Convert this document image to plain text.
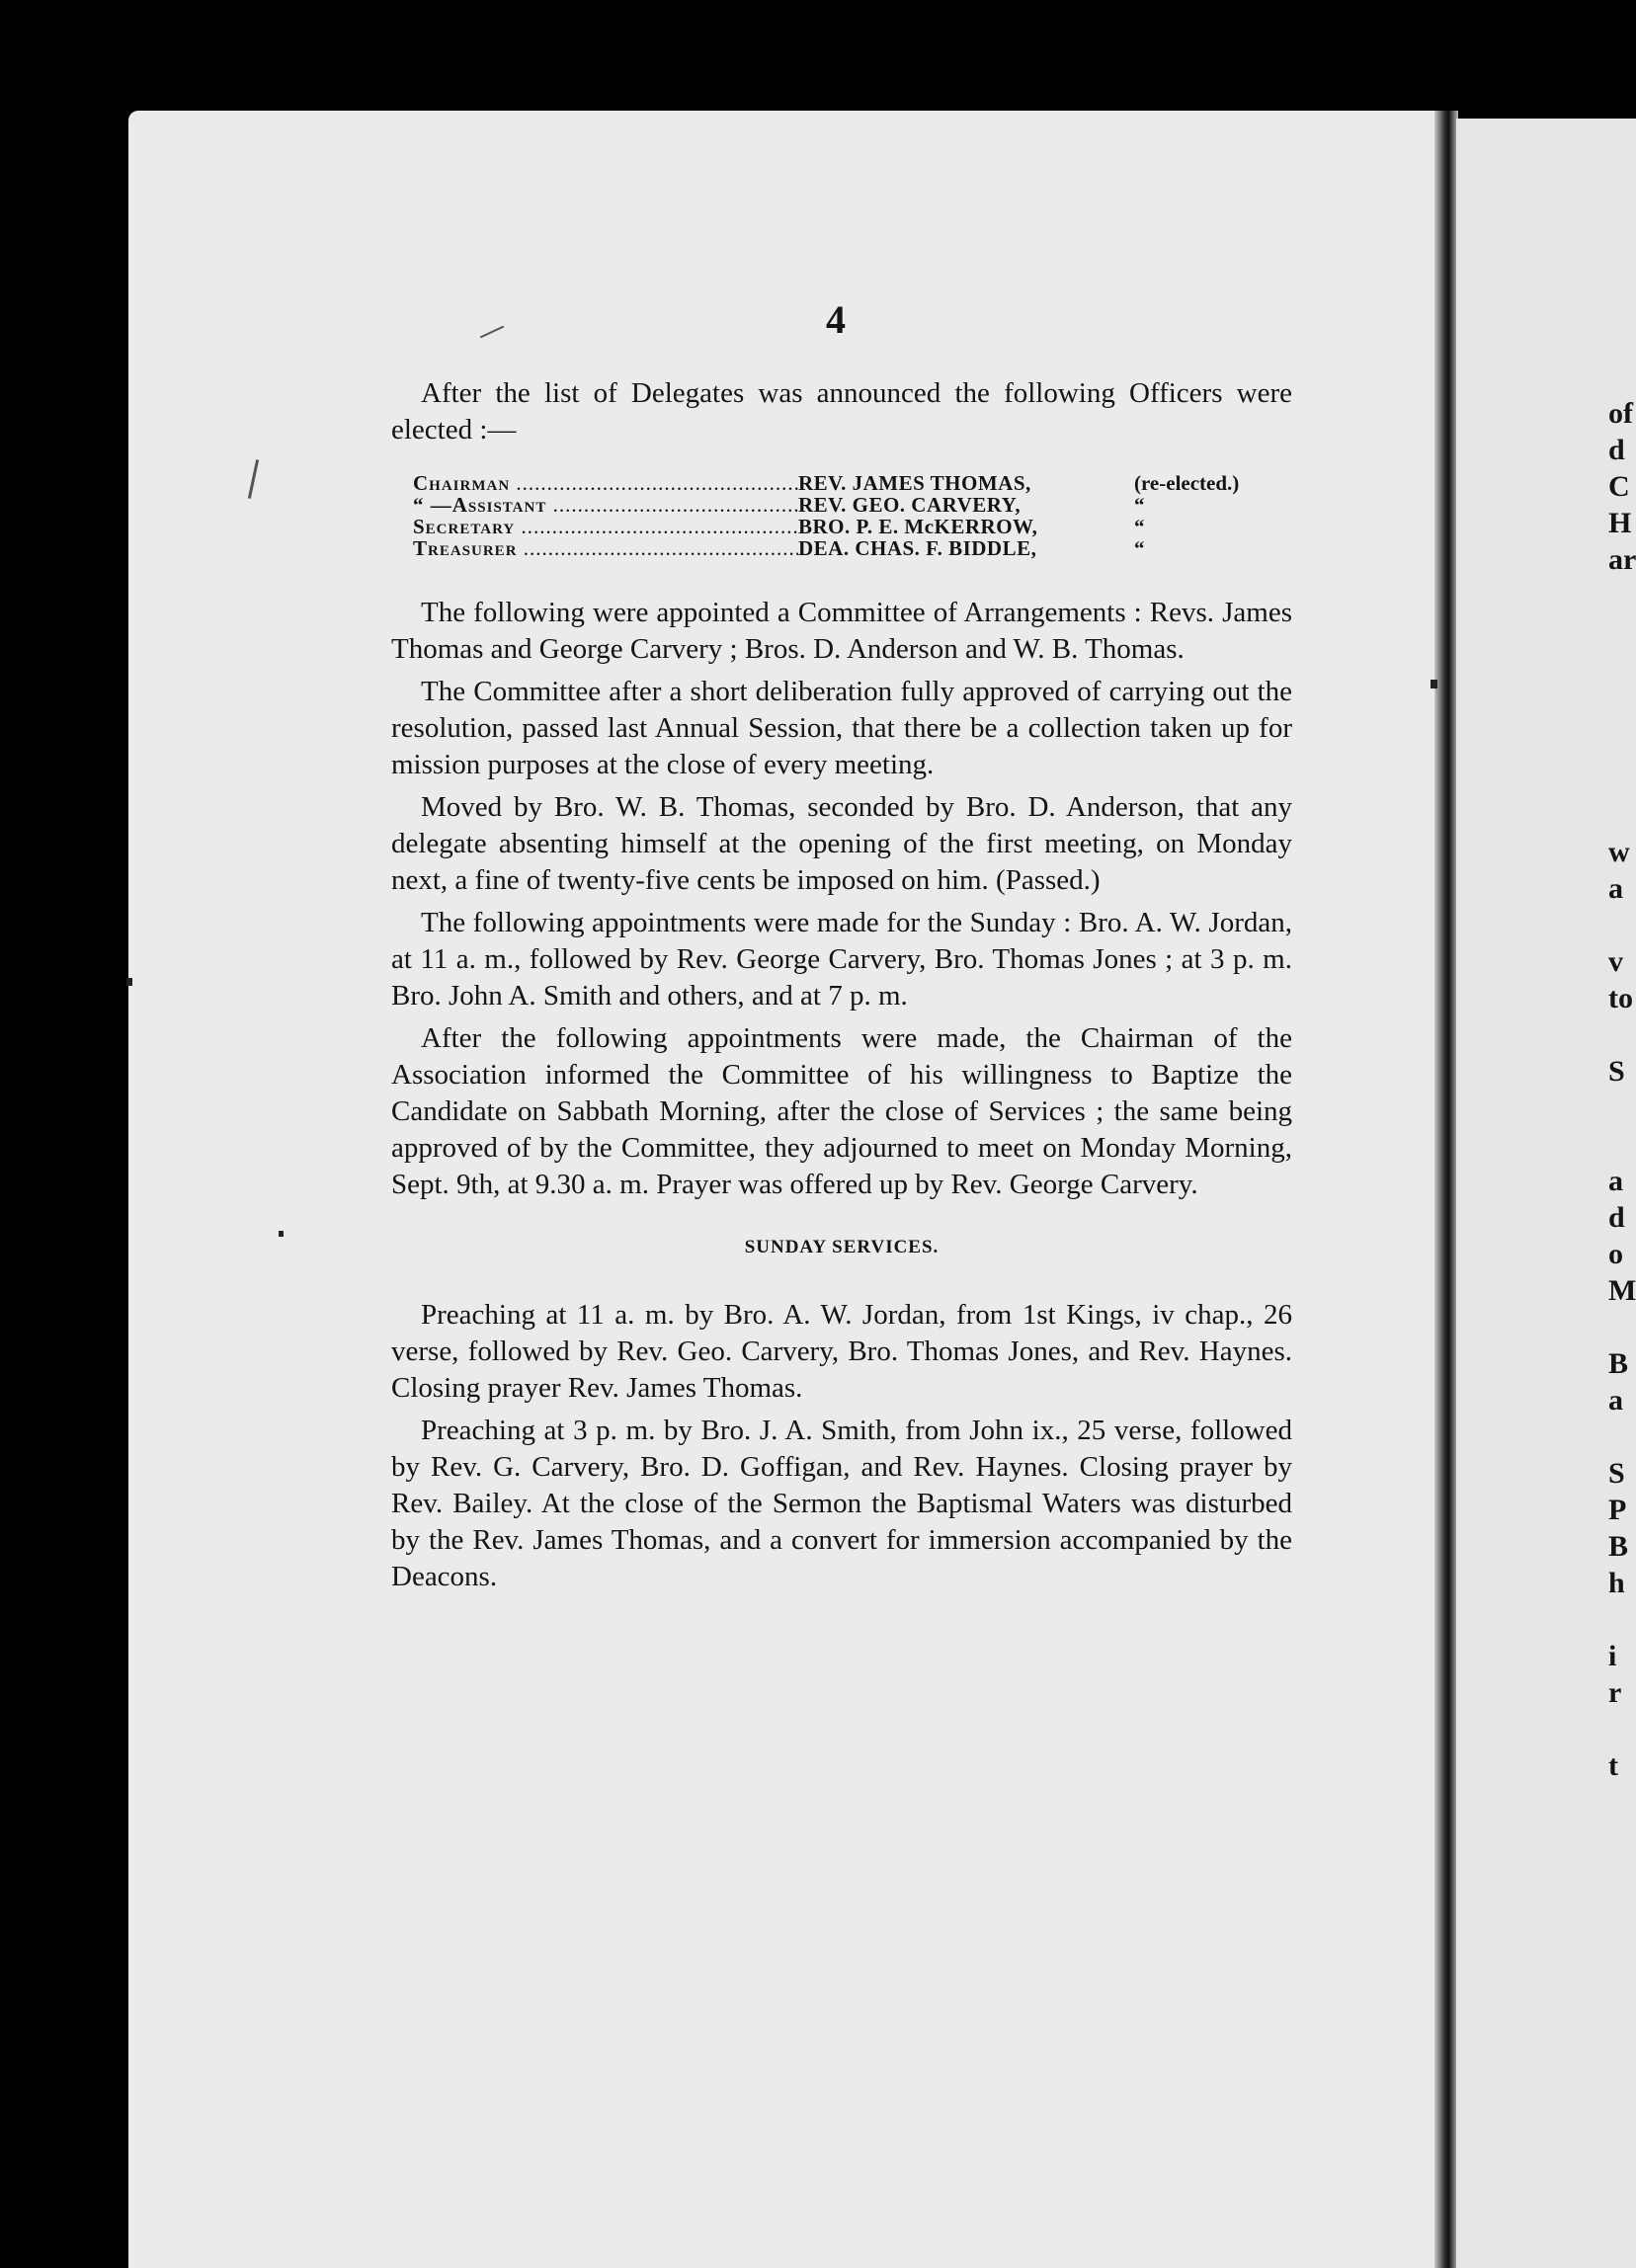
4

After the list of Delegates was announced the following Officers were elected :—

Chairman .....	REV. JAMES THOMAS,	(re-elected.)
“ —Assistant .....	REV. GEO. CARVERY,	“
Secretary .....	BRO. P. E. McKERROW,	“
Treasurer .....	DEA. CHAS. F. BIDDLE,	“

The following were appointed a Committee of Arrangements : Revs. James Thomas and George Carvery ; Bros. D. Anderson and W. B. Thomas.

The Committee after a short deliberation fully approved of carrying out the resolution, passed last Annual Session, that there be a collection taken up for mission purposes at the close of every meeting.

Moved by Bro. W. B. Thomas, seconded by Bro. D. Anderson, that any delegate absenting himself at the opening of the first meeting, on Monday next, a fine of twenty-five cents be imposed on him. (Passed.)

The following appointments were made for the Sunday : Bro. A. W. Jordan, at 11 a. m., followed by Rev. George Carvery, Bro. Thomas Jones ; at 3 p. m. Bro. John A. Smith and others, and at 7 p. m.

After the following appointments were made, the Chairman of the Association informed the Committee of his willingness to Baptize the Candidate on Sabbath Morning, after the close of Services ; the same being approved of by the Committee, they adjourned to meet on Monday Morning, Sept. 9th, at 9.30 a. m. Prayer was offered up by Rev. George Carvery.

SUNDAY SERVICES.

Preaching at 11 a. m. by Bro. A. W. Jordan, from 1st Kings, iv chap., 26 verse, followed by Rev. Geo. Carvery, Bro. Thomas Jones, and Rev. Haynes. Closing prayer Rev. James Thomas.

Preaching at 3 p. m. by Bro. J. A. Smith, from John ix., 25 verse, followed by Rev. G. Carvery, Bro. D. Goffigan, and Rev. Haynes. Closing prayer by Rev. Bailey. At the close of the Sermon the Baptismal Waters was disturbed by the Rev. James Thomas, and a convert for immersion accompanied by the Deacons.

of
d
C
H
ar
w
a
v
to
S
a
d
o
M
B
a
S
P
B
h
i
r
t
